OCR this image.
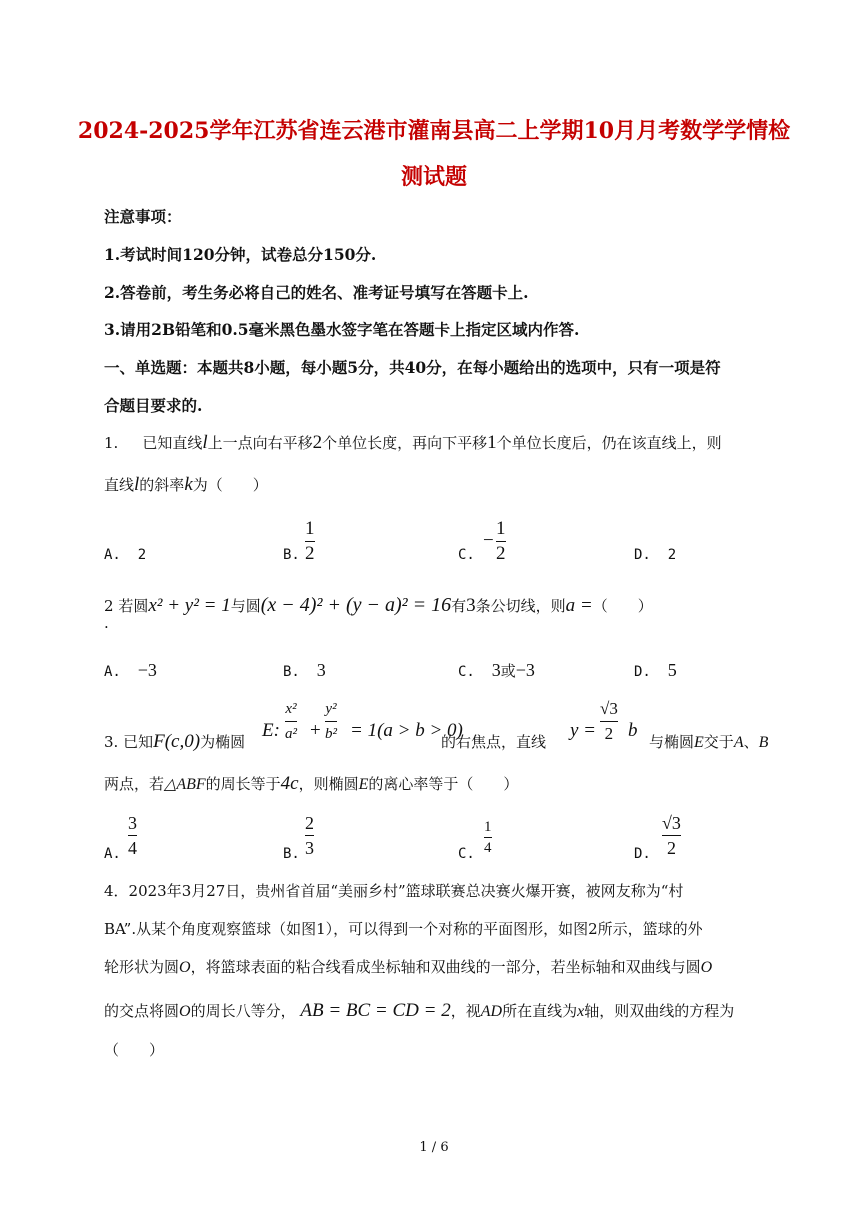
2024-2025学年江苏省连云港市灌南县高二上学期10月月考数学学情检
测试题
注意事项：
1.考试时间120分钟，试卷总分150分.
2.答卷前，考生务必将自己的姓名、准考证号填写在答题卡上.
3.请用2B铅笔和0.5毫米黑色墨水签字笔在答题卡上指定区域内作答.
一、单选题：本题共8小题，每小题5分，共40分，在每小题给出的选项中，只有一项是符
合题目要求的.
1. 已知直线l上一点向右平移2个单位长度，再向下平移1个单位长度后，仍在该直线上，则
直线l的斜率k为（　　）
A. 2	B.
1
2	C.
−
1
2	D. 2
2 若圆x² + y² = 1与圆(x − 4)² + (y − a)² = 16有3条公切线，则a =（　　）
.
A. −3	B. 3	C. 3或−3	D. 5
3. 已知F(c,0)为椭圆
E:
x²
a² +
y²
b² = 1(a > b > 0)
的右焦点，直线
y =
√3
2 b
与椭圆E交于A、B
两点，若△ABF的周长等于4c，则椭圆E的离心率等于（　　）
A.
3
4	B.
2
3	C.
1
4	D.
√3
2
4．2023年3月27日，贵州省首届“美丽乡村”篮球联赛总决赛火爆开赛，被网友称为“村
BA”.从某个角度观察篮球（如图1），可以得到一个对称的平面图形，如图2所示，篮球的外
轮形状为圆O，将篮球表面的粘合线看成坐标轴和双曲线的一部分，若坐标轴和双曲线与圆O
的交点将圆O的周长八等分， AB = BC = CD = 2，视AD所在直线为x轴，则双曲线的方程为
（　　）
1 / 6
